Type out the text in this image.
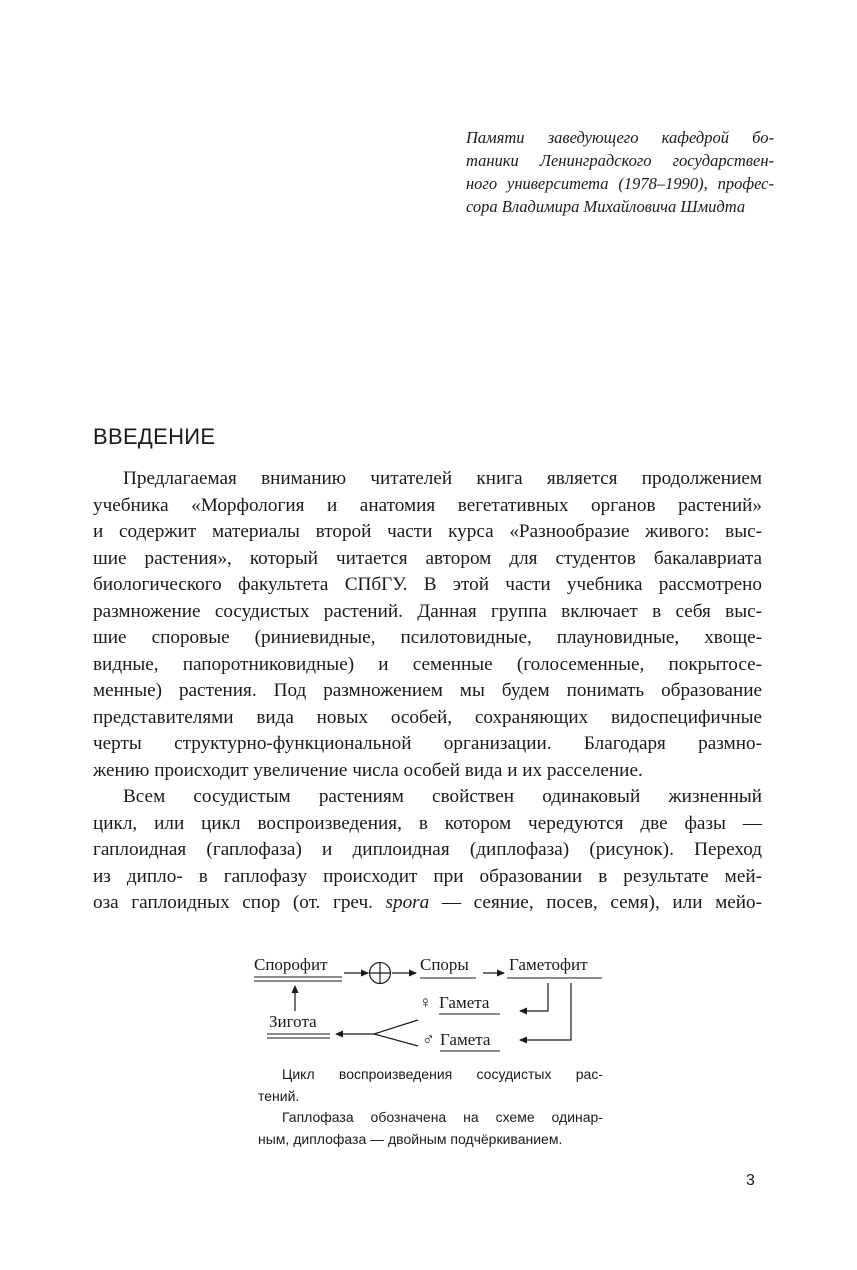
Памяти заведующего кафедрой бо-
таники Ленинградского государствен-
ного университета (1978–1990), профес-
сора Владимира Михайловича Шмидта
ВВЕДЕНИЕ
Предлагаемая вниманию читателей книга является продолжением
учебника «Морфология и анатомия вегетативных органов растений»
и содержит материалы второй части курса «Разнообразие живого: выс-
шие растения», который читается автором для студентов бакалавриата
биологического факультета СПбГУ. В этой части учебника рассмотрено
размножение сосудистых растений. Данная группа включает в себя выс-
шие споровые (риниевидные, псилотовидные, плауновидные, хвоще-
видные, папоротниковидные) и семенные (голосеменные, покрытосе-
менные) растения. Под размножением мы будем понимать образование
представителями вида новых особей, сохраняющих видоспецифичные
черты структурно-функциональной организации. Благодаря размно-
жению происходит увеличение числа особей вида и их расселение.
Всем сосудистым растениям свойствен одинаковый жизненный
цикл, или цикл воспроизведения, в котором чередуются две фазы —
гаплоидная (гаплофаза) и диплоидная (диплофаза) (рисунок). Переход
из диплo- в гаплофазу происходит при образовании в результате мей-
оза гаплоидных спор (от. греч. spora — сеяние, посев, семя), или мейо-
Спорофит	Споры Гаметофит
♀ Гамета
♂ Гамета
Зигота
Цикл воспроизведения сосудистых рас-
тений.
Гаплофаза обозначена на схеме одинар-
ным, диплофаза — двойным подчёркиванием.
3
